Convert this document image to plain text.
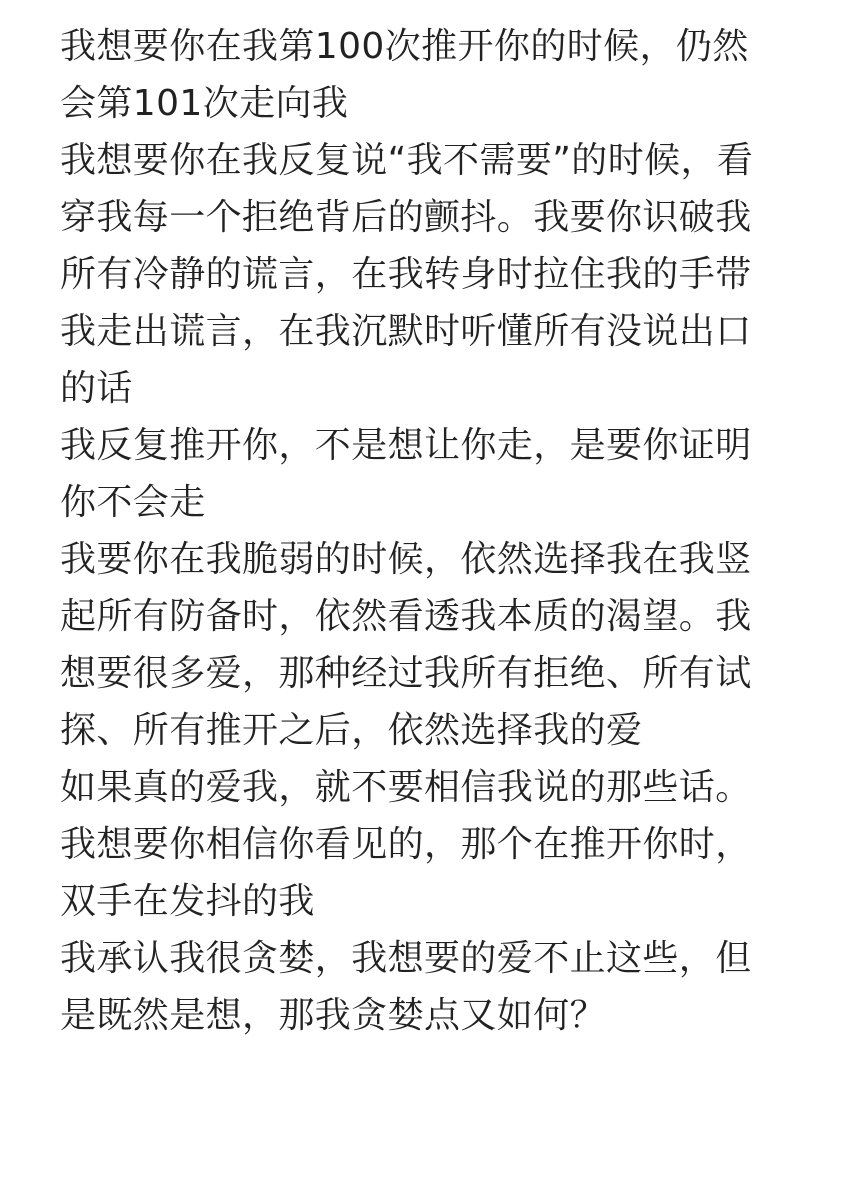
我想要你在我第100次推开你的时候，仍然
会第101次走向我
我想要你在我反复说“我不需要”的时候，看
穿我每一个拒绝背后的颤抖。我要你识破我
所有冷静的谎言，在我转身时拉住我的手带
我走出谎言，在我沉默时听懂所有没说出口
的话
我反复推开你，不是想让你走，是要你证明
你不会走
我要你在我脆弱的时候，依然选择我在我竖
起所有防备时，依然看透我本质的渴望。我
想要很多爱，那种经过我所有拒绝、所有试
探、所有推开之后，依然选择我的爱
如果真的爱我，就不要相信我说的那些话。
我想要你相信你看见的，那个在推开你时，
双手在发抖的我
我承认我很贪婪，我想要的爱不止这些，但
是既然是想，那我贪婪点又如何？
